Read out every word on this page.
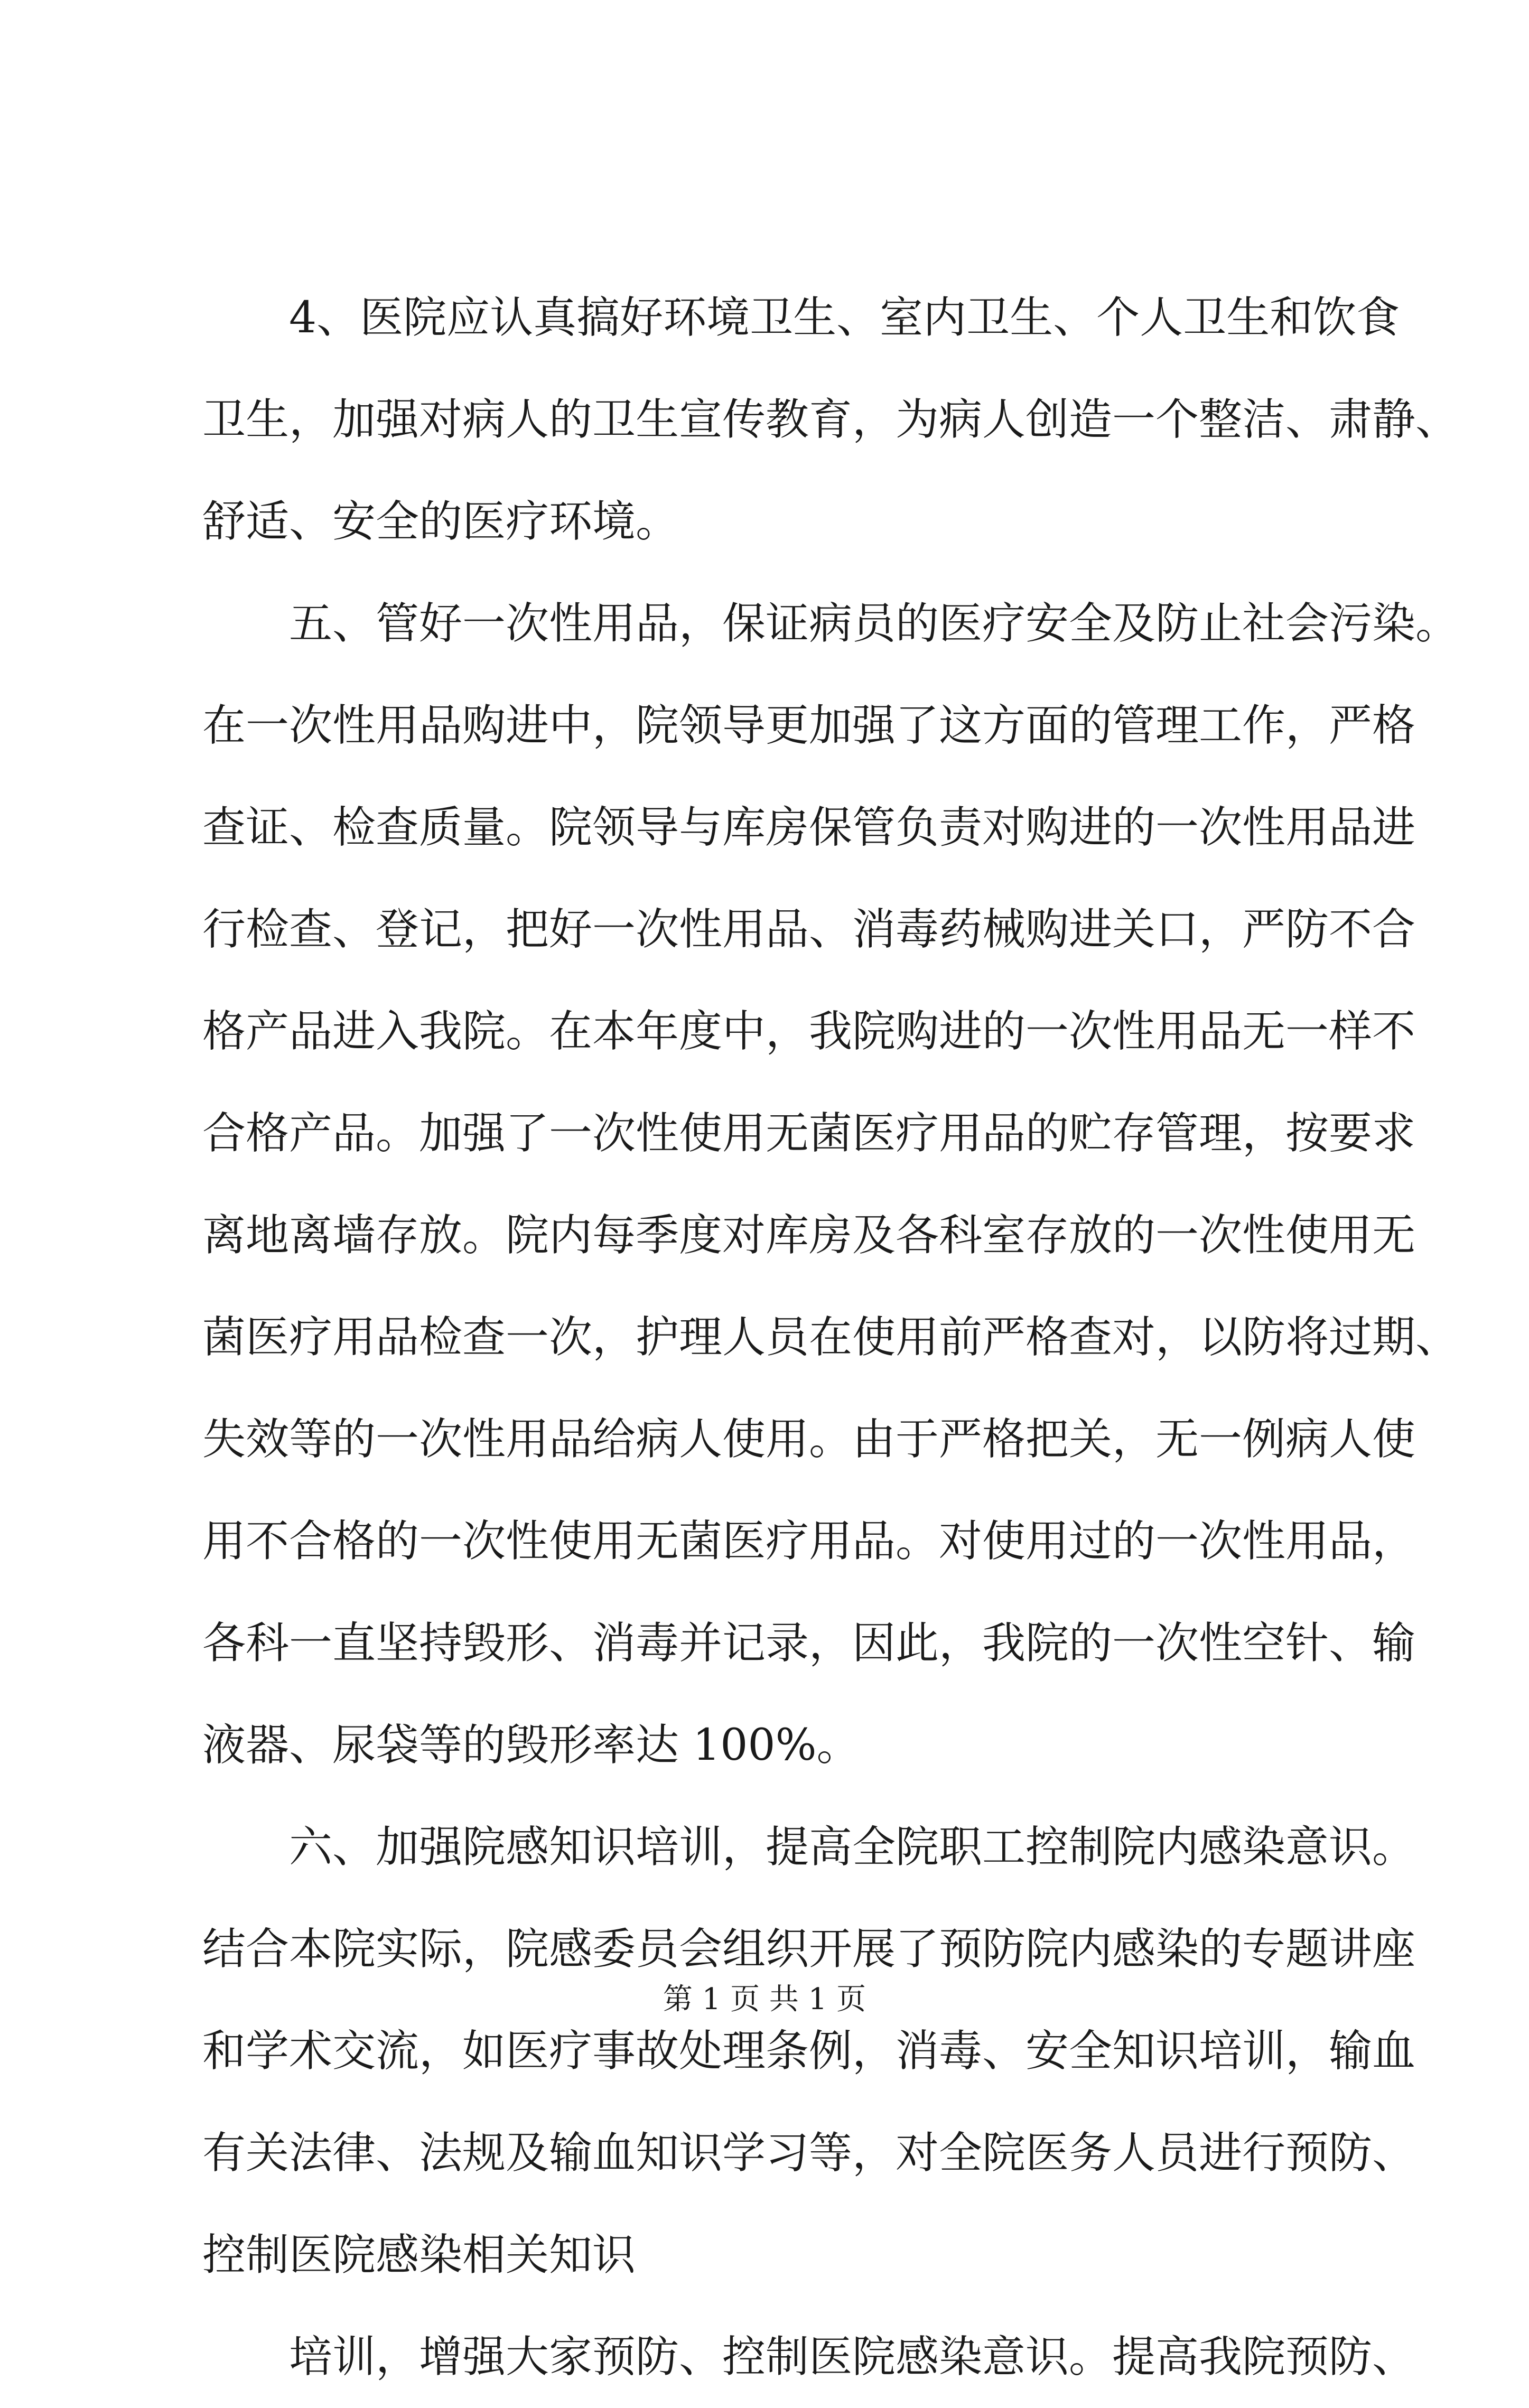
4、医院应认真搞好环境卫生、室内卫生、个人卫生和饮食
卫生，加强对病人的卫生宣传教育，为病人创造一个整洁、肃静、
舒适、安全的医疗环境。
五、管好一次性用品，保证病员的医疗安全及防止社会污染。
在一次性用品购进中，院领导更加强了这方面的管理工作，严格
查证、检查质量。院领导与库房保管负责对购进的一次性用品进
行检查、登记，把好一次性用品、消毒药械购进关口，严防不合
格产品进入我院。在本年度中，我院购进的一次性用品无一样不
合格产品。加强了一次性使用无菌医疗用品的贮存管理，按要求
离地离墙存放。院内每季度对库房及各科室存放的一次性使用无
菌医疗用品检查一次，护理人员在使用前严格查对，以防将过期、
失效等的一次性用品给病人使用。由于严格把关，无一例病人使
用不合格的一次性使用无菌医疗用品。对使用过的一次性用品，
各科一直坚持毁形、消毒并记录，因此，我院的一次性空针、输
液器、尿袋等的毁形率达 100%。
六、加强院感知识培训，提高全院职工控制院内感染意识。
结合本院实际，院感委员会组织开展了预防院内感染的专题讲座
和学术交流，如医疗事故处理条例，消毒、安全知识培训，输血
有关法律、法规及输血知识学习等，对全院医务人员进行预防、
控制医院感染相关知识
培训，增强大家预防、控制医院感染意识。提高我院预防、
第 1 页 共 1 页
